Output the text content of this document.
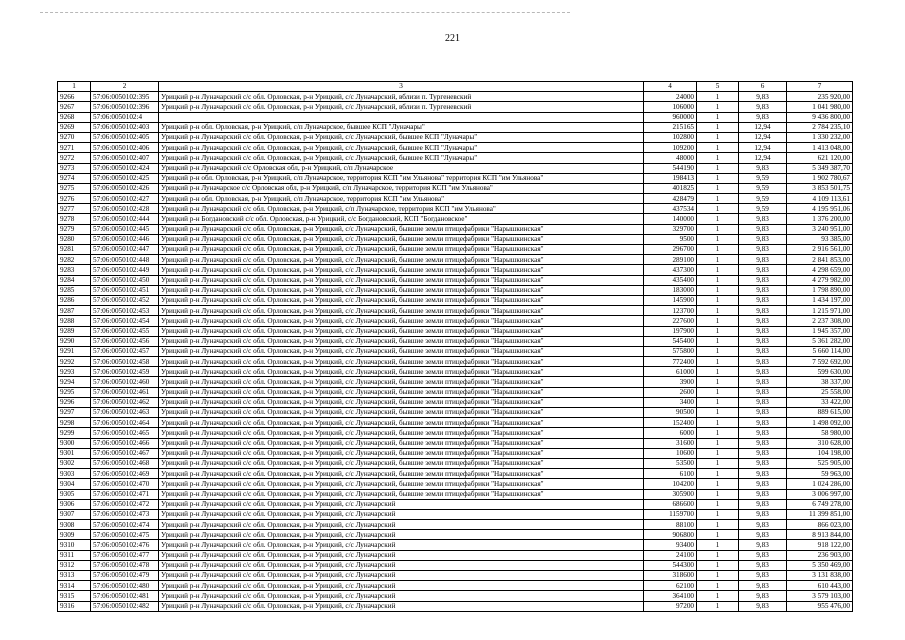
221
1	2	3	4	5	6	7
9266	57:06:0050102:395	Урицкий р-н Луначарский с/с обл. Орловская, р-н Урицкий, с/с Луначарский, вблизи п. Тургеневский	24000	1	9,83	235 920,00
9267	57:06:0050102:396	Урицкий р-н Луначарский с/с обл. Орловская, р-н Урицкий, с/с Луначарский, вблизи п. Тургеневский	106000	1	9,83	1 041 980,00
9268	57:06:0050102:4		960000	1	9,83	9 436 800,00
9269	57:06:0050102:403	Урицкий р-н обл. Орловская, р-н Урицкий, с/п Луначарское, бывшее КСП "Луначары"	215165	1	12,94	2 784 235,10
9270	57:06:0050102:405	Урицкий р-н Луначарский с/с обл. Орловская, р-н Урицкий, с/с Луначарский, бывшее КСП "Луначары"	102800	1	12,94	1 330 232,00
9271	57:06:0050102:406	Урицкий р-н Луначарский с/с обл. Орловская, р-н Урицкий, с/с Луначарский, бывшее КСП "Луначары"	109200	1	12,94	1 413 048,00
9272	57:06:0050102:407	Урицкий р-н Луначарский с/с обл. Орловская, р-н Урицкий, с/с Луначарский, бывшее КСП "Луначары"	48000	1	12,94	621 120,00
9273	57:06:0050102:424	Урицкий р-н Луначарский с/с Орловская обл, р-н Урицкий, с/п Луначарское	544190	1	9,83	5 349 387,70
9274	57:06:0050102:425	Урицкий р-н обл. Орловская, р-н Урицкий, с/п Луначарское, территория КСП "им Ульянова" территория КСП "им Ульянова"	198413	1	9,59	1 902 780,67
9275	57:06:0050102:426	Урицкий р-н Луначарское с/с Орловская обл, р-н Урицкий, с/п Луначарское, территория КСП "им Ульянова"	401825	1	9,59	3 853 501,75
9276	57:06:0050102:427	Урицкий р-н обл. Орловская, р-н Урицкий, с/п Луначарское, территория КСП "им Ульянова"	428479	1	9,59	4 109 113,61
9277	57:06:0050102:428	Урицкий р-н Луначарский с/с обл. Орловская, р-н Урицкий, с/п Луначарское, территория КСП "им Ульянова"	437534	1	9,59	4 195 951,06
9278	57:06:0050102:444	Урицкий р-н Богдановский с/с обл. Орловская, р-н Урицкий, с/с Богдановский, КСП "Богдановское"	140000	1	9,83	1 376 200,00
9279	57:06:0050102:445	Урицкий р-н Луначарский с/с обл. Орловская, р-н Урицкий, с/с Луначарский, бывшие земли птицефабрики "Нарышкинская"	329700	1	9,83	3 240 951,00
9280	57:06:0050102:446	Урицкий р-н Луначарский с/с обл. Орловская, р-н Урицкий, с/с Луначарский, бывшие земли птицефабрики "Нарышкинская"	9500	1	9,83	93 385,00
9281	57:06:0050102:447	Урицкий р-н Луначарский с/с обл. Орловская, р-н Урицкий, с/с Луначарский, бывшие земли птицефабрики "Нарышкинская"	296700	1	9,83	2 916 561,00
9282	57:06:0050102:448	Урицкий р-н Луначарский с/с обл. Орловская, р-н Урицкий, с/с Луначарский, бывшие земли птицефабрики "Нарышкинская"	289100	1	9,83	2 841 853,00
9283	57:06:0050102:449	Урицкий р-н Луначарский с/с обл. Орловская, р-н Урицкий, с/с Луначарский, бывшие земли птицефабрики "Нарышкинская"	437300	1	9,83	4 298 659,00
9284	57:06:0050102:450	Урицкий р-н Луначарский с/с обл. Орловская, р-н Урицкий, с/с Луначарский, бывшие земли птицефабрики "Нарышкинская"	435400	1	9,83	4 279 982,00
9285	57:06:0050102:451	Урицкий р-н Луначарский с/с обл. Орловская, р-н Урицкий, с/с Луначарский, бывшие земли птицефабрики "Нарышкинская"	183000	1	9,83	1 798 890,00
9286	57:06:0050102:452	Урицкий р-н Луначарский с/с обл. Орловская, р-н Урицкий, с/с Луначарский, бывшие земли птицефабрики "Нарышкинская"	145900	1	9,83	1 434 197,00
9287	57:06:0050102:453	Урицкий р-н Луначарский с/с обл. Орловская, р-н Урицкий, с/с Луначарский, бывшие земли птицефабрики "Нарышкинская"	123700	1	9,83	1 215 971,00
9288	57:06:0050102:454	Урицкий р-н Луначарский с/с обл. Орловская, р-н Урицкий, с/с Луначарский, бывшие земли птицефабрики "Нарышкинская"	227600	1	9,83	2 237 308,00
9289	57:06:0050102:455	Урицкий р-н Луначарский с/с обл. Орловская, р-н Урицкий, с/с Луначарский, бывшие земли птицефабрики "Нарышкинская"	197900	1	9,83	1 945 357,00
9290	57:06:0050102:456	Урицкий р-н Луначарский с/с обл. Орловская, р-н Урицкий, с/с Луначарский, бывшие земли птицефабрики "Нарышкинская"	545400	1	9,83	5 361 282,00
9291	57:06:0050102:457	Урицкий р-н Луначарский с/с обл. Орловская, р-н Урицкий, с/с Луначарский, бывшие земли птицефабрики "Нарышкинская"	575800	1	9,83	5 660 114,00
9292	57:06:0050102:458	Урицкий р-н Луначарский с/с обл. Орловская, р-н Урицкий, с/с Луначарский, бывшие земли птицефабрики "Нарышкинская"	772400	1	9,83	7 592 692,00
9293	57:06:0050102:459	Урицкий р-н Луначарский с/с обл. Орловская, р-н Урицкий, с/с Луначарский, бывшие земли птицефабрики "Нарышкинская"	61000	1	9,83	599 630,00
9294	57:06:0050102:460	Урицкий р-н Луначарский с/с обл. Орловская, р-н Урицкий, с/с Луначарский, бывшие земли птицефабрики "Нарышкинская"	3900	1	9,83	38 337,00
9295	57:06:0050102:461	Урицкий р-н Луначарский с/с обл. Орловская, р-н Урицкий, с/с Луначарский, бывшие земли птицефабрики "Нарышкинская"	2600	1	9,83	25 558,00
9296	57:06:0050102:462	Урицкий р-н Луначарский с/с обл. Орловская, р-н Урицкий, с/с Луначарский, бывшие земли птицефабрики "Нарышкинская"	3400	1	9,83	33 422,00
9297	57:06:0050102:463	Урицкий р-н Луначарский с/с обл. Орловская, р-н Урицкий, с/с Луначарский, бывшие земли птицефабрики "Нарышкинская"	90500	1	9,83	889 615,00
9298	57:06:0050102:464	Урицкий р-н Луначарский с/с обл. Орловская, р-н Урицкий, с/с Луначарский, бывшие земли птицефабрики "Нарышкинская"	152400	1	9,83	1 498 092,00
9299	57:06:0050102:465	Урицкий р-н Луначарский с/с обл. Орловская, р-н Урицкий, с/с Луначарский, бывшие земли птицефабрики "Нарышкинская"	6000	1	9,83	58 980,00
9300	57:06:0050102:466	Урицкий р-н Луначарский с/с обл. Орловская, р-н Урицкий, с/с Луначарский, бывшие земли птицефабрики "Нарышкинская"	31600	1	9,83	310 628,00
9301	57:06:0050102:467	Урицкий р-н Луначарский с/с обл. Орловская, р-н Урицкий, с/с Луначарский, бывшие земли птицефабрики "Нарышкинская"	10600	1	9,83	104 198,00
9302	57:06:0050102:468	Урицкий р-н Луначарский с/с обл. Орловская, р-н Урицкий, с/с Луначарский, бывшие земли птицефабрики "Нарышкинская"	53500	1	9,83	525 905,00
9303	57:06:0050102:469	Урицкий р-н Луначарский с/с обл. Орловская, р-н Урицкий, с/с Луначарский, бывшие земли птицефабрики "Нарышкинская"	6100	1	9,83	59 963,00
9304	57:06:0050102:470	Урицкий р-н Луначарский с/с обл. Орловская, р-н Урицкий, с/с Луначарский, бывшие земли птицефабрики "Нарышкинская"	104200	1	9,83	1 024 286,00
9305	57:06:0050102:471	Урицкий р-н Луначарский с/с обл. Орловская, р-н Урицкий, с/с Луначарский, бывшие земли птицефабрики "Нарышкинская"	305900	1	9,83	3 006 997,00
9306	57:06:0050102:472	Урицкий р-н Луначарский с/с обл. Орловская, р-н Урицкий, с/с Луначарский	686600	1	9,83	6 749 278,00
9307	57:06:0050102:473	Урицкий р-н Луначарский с/с обл. Орловская, р-н Урицкий, с/с Луначарский	1159700	1	9,83	11 399 851,00
9308	57:06:0050102:474	Урицкий р-н Луначарский с/с обл. Орловская, р-н Урицкий, с/с Луначарский	88100	1	9,83	866 023,00
9309	57:06:0050102:475	Урицкий р-н Луначарский с/с обл. Орловская, р-н Урицкий, с/с Луначарский	906800	1	9,83	8 913 844,00
9310	57:06:0050102:476	Урицкий р-н Луначарский с/с обл. Орловская, р-н Урицкий, с/с Луначарский	93400	1	9,83	918 122,00
9311	57:06:0050102:477	Урицкий р-н Луначарский с/с обл. Орловская, р-н Урицкий, с/с Луначарский	24100	1	9,83	236 903,00
9312	57:06:0050102:478	Урицкий р-н Луначарский с/с обл. Орловская, р-н Урицкий, с/с Луначарский	544300	1	9,83	5 350 469,00
9313	57:06:0050102:479	Урицкий р-н Луначарский с/с обл. Орловская, р-н Урицкий, с/с Луначарский	318600	1	9,83	3 131 838,00
9314	57:06:0050102:480	Урицкий р-н Луначарский с/с обл. Орловская, р-н Урицкий, с/с Луначарский	62100	1	9,83	610 443,00
9315	57:06:0050102:481	Урицкий р-н Луначарский с/с обл. Орловская, р-н Урицкий, с/с Луначарский	364100	1	9,83	3 579 103,00
9316	57:06:0050102:482	Урицкий р-н Луначарский с/с обл. Орловская, р-н Урицкий, с/с Луначарский	97200	1	9,83	955 476,00
